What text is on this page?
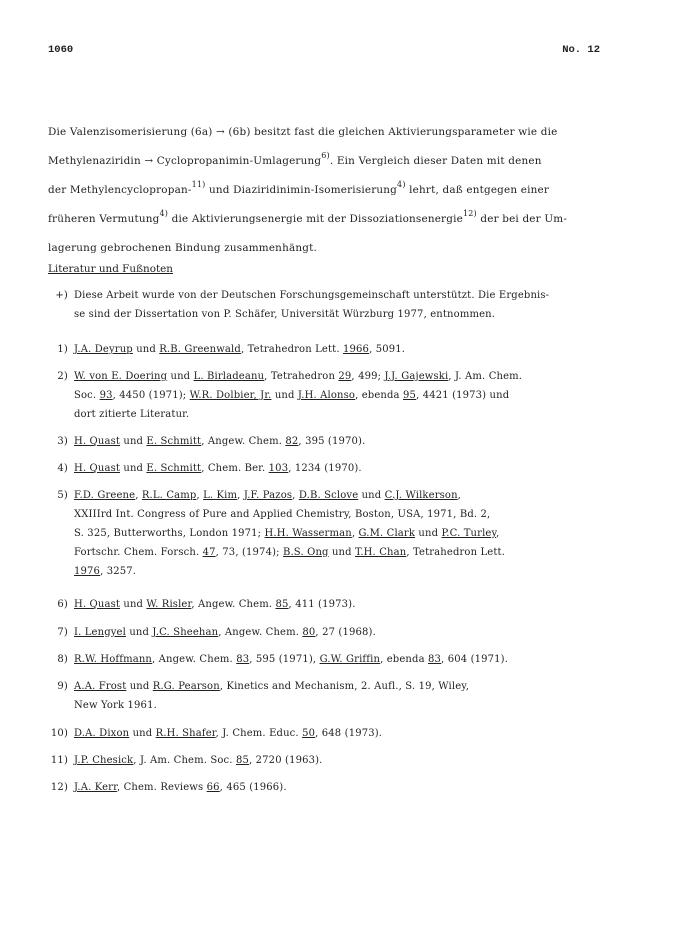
1060	No. 12
Die Valenzisomerisierung (6a) → (6b) besitzt fast die gleichen Aktivierungsparameter wie die
Methylenaziridin → Cyclopropanimin-Umlagerung$^{6)}$. Ein Vergleich dieser Daten mit denen
der Methylencyclopropan-$^{11)}$ und Diaziridinimin-Isomerisierung$^{4)}$ lehrt, daß entgegen einer
früheren Vermutung$^{4)}$ die Aktivierungsenergie mit der Dissoziationsenergie$^{12)}$ der bei der Um-
lagerung gebrochenen Bindung zusammenhängt.
Literatur und Fußnoten
+) Diese Arbeit wurde von der Deutschen Forschungsgemeinschaft unterstützt. Die Ergebnis-
se sind der Dissertation von P. Schäfer, Universität Würzburg 1977, entnommen.
1) J.A. Deyrup und R.B. Greenwald, Tetrahedron Lett. 1966, 5091.
2) W. von E. Doering und L. Birladeanu, Tetrahedron 29, 499; J.J. Gajewski, J. Am. Chem.
Soc. 93, 4450 (1971); W.R. Dolbier, Jr. und J.H. Alonso, ebenda 95, 4421 (1973) und
dort zitierte Literatur.
3) H. Quast und E. Schmitt, Angew. Chem. 82, 395 (1970).
4) H. Quast und E. Schmitt, Chem. Ber. 103, 1234 (1970).
5) F.D. Greene, R.L. Camp, L. Kim, J.F. Pazos, D.B. Sclove und C.J. Wilkerson,
XXIIIrd Int. Congress of Pure and Applied Chemistry, Boston, USA, 1971, Bd. 2,
S. 325, Butterworths, London 1971; H.H. Wasserman, G.M. Clark und P.C. Turley,
Fortschr. Chem. Forsch. 47, 73, (1974); B.S. Ong und T.H. Chan, Tetrahedron Lett.
1976, 3257.
6) H. Quast und W. Risler, Angew. Chem. 85, 411 (1973).
7) I. Lengyel und J.C. Sheehan, Angew. Chem. 80, 27 (1968).
8) R.W. Hoffmann, Angew. Chem. 83, 595 (1971), G.W. Griffin, ebenda 83, 604 (1971).
9) A.A. Frost und R.G. Pearson, Kinetics and Mechanism, 2. Aufl., S. 19, Wiley,
New York 1961.
10) D.A. Dixon und R.H. Shafer, J. Chem. Educ. 50, 648 (1973).
11) J.P. Chesick, J. Am. Chem. Soc. 85, 2720 (1963).
12) J.A. Kerr, Chem. Reviews 66, 465 (1966).
